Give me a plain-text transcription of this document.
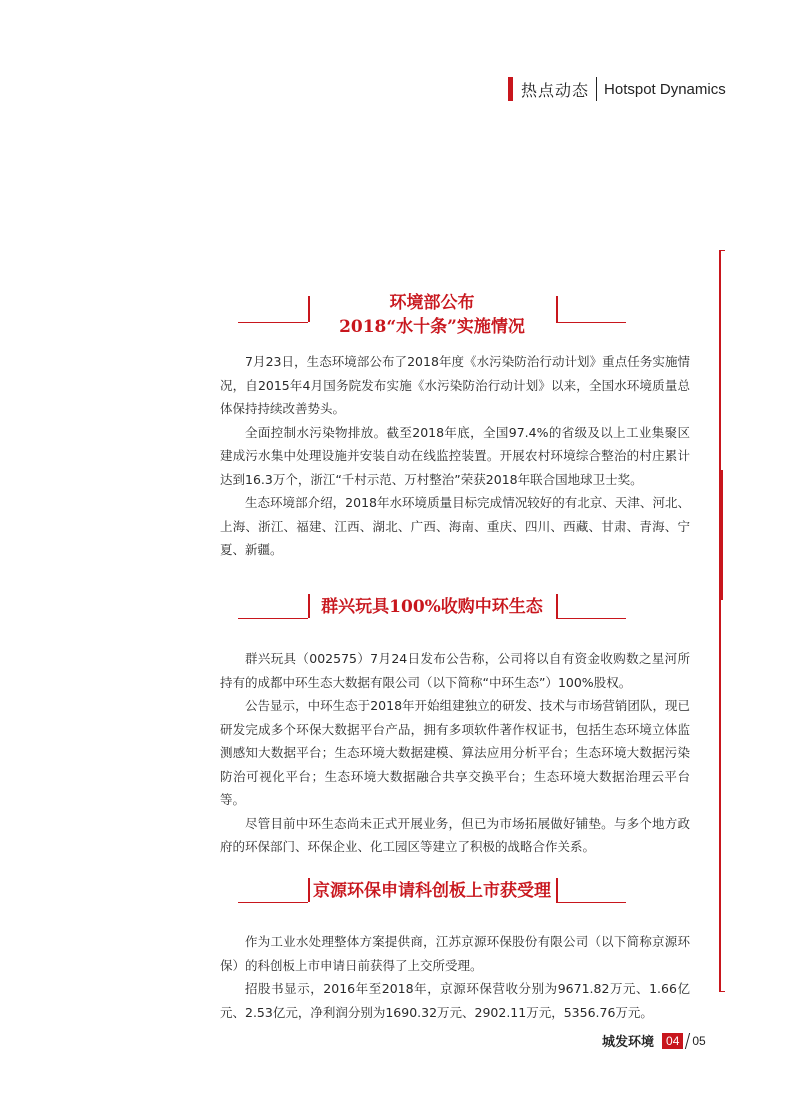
热点动态 Hotspot Dynamics
环境部公布
2018“水十条”实施情况

7月23日，生态环境部公布了2018年度《水污染防治行动计划》重点任务实施情况，自2015年4月国务院发布实施《水污染防治行动计划》以来，全国水环境质量总体保持持续改善势头。

全面控制水污染物排放。截至2018年底，全国97.4%的省级及以上工业集聚区建成污水集中处理设施并安装自动在线监控装置。开展农村环境综合整治的村庄累计达到16.3万个，浙江“千村示范、万村整治”荣获2018年联合国地球卫士奖。

生态环境部介绍，2018年水环境质量目标完成情况较好的有北京、天津、河北、上海、浙江、福建、江西、湖北、广西、海南、重庆、四川、西藏、甘肃、青海、宁夏、新疆。

群兴玩具100%收购中环生态

群兴玩具（002575）7月24日发布公告称，公司将以自有资金收购数之星河所持有的成都中环生态大数据有限公司（以下简称“中环生态”）100%股权。

公告显示，中环生态于2018年开始组建独立的研发、技术与市场营销团队，现已研发完成多个环保大数据平台产品，拥有多项软件著作权证书，包括生态环境立体监测感知大数据平台；生态环境大数据建模、算法应用分析平台；生态环境大数据污染防治可视化平台；生态环境大数据融合共享交换平台；生态环境大数据治理云平台等。

尽管目前中环生态尚未正式开展业务，但已为市场拓展做好铺垫。与多个地方政府的环保部门、环保企业、化工园区等建立了积极的战略合作关系。

京源环保申请科创板上市获受理

作为工业水处理整体方案提供商，江苏京源环保股份有限公司（以下简称京源环保）的科创板上市申请日前获得了上交所受理。

招股书显示，2016年至2018年，京源环保营收分别为9671.82万元、1.66亿元、2.53亿元，净利润分别为1690.32万元、2902.11万元，5356.76万元。

城发环境	04	05
